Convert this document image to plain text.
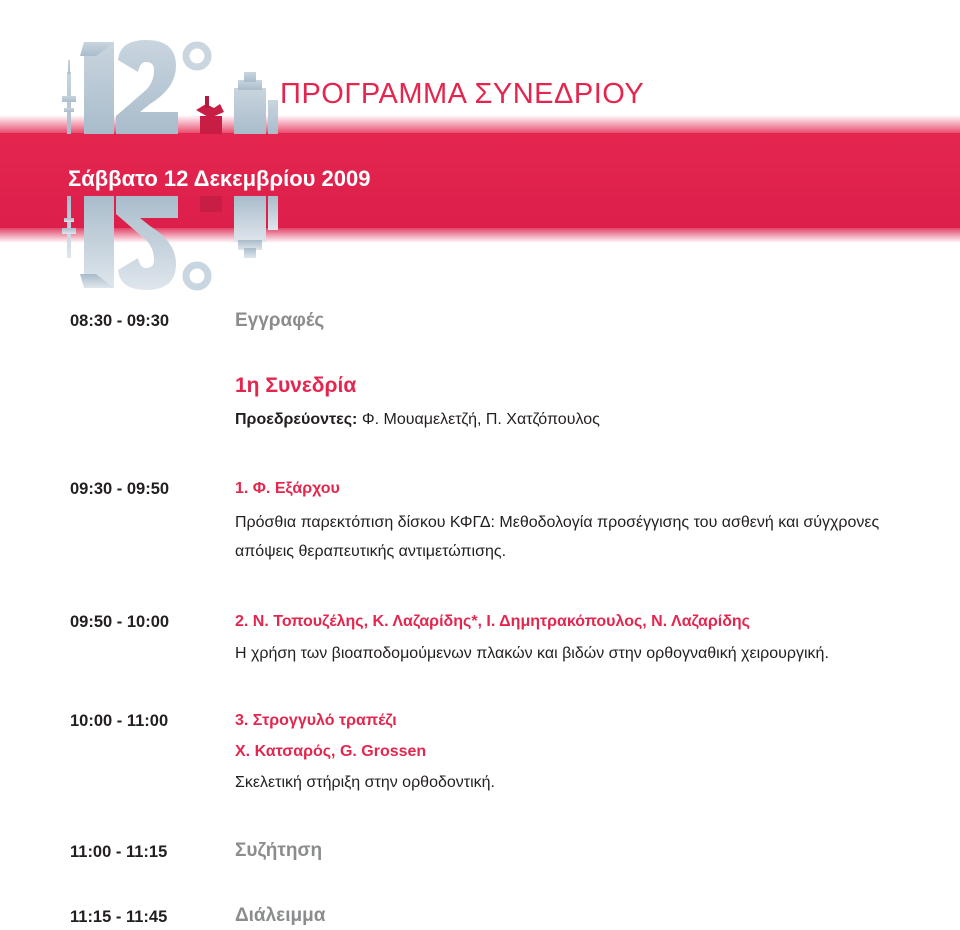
ΠΡΟΓΡΑΜΜΑ ΣΥΝΕΔΡΙΟΥ
Σάββατο 12 Δεκεμβρίου 2009
08:30 - 09:30	Εγγραφές
1η Συνεδρία
Προεδρεύοντες: Φ. Μουαμελετζή, Π. Χατζόπουλος
09:30 - 09:50	1. Φ. Εξάρχου
Πρόσθια παρεκτόπιση δίσκου ΚΦΓΔ: Μεθοδολογία προσέγγισης του ασθενή και σύγχρονες
απόψεις θεραπευτικής αντιμετώπισης.
09:50 - 10:00	2. Ν. Τοπουζέλης, Κ. Λαζαρίδης*, Ι. Δημητρακόπουλος, Ν. Λαζαρίδης
Η χρήση των βιοαποδομούμενων πλακών και βιδών στην ορθογναθική χειρουργική.
10:00 - 11:00	3. Στρογγυλό τραπέζι
Χ. Κατσαρός, G. Grossen
Σκελετική στήριξη στην ορθοδοντική.
11:00 - 11:15	Συζήτηση
11:15 - 11:45	Διάλειμμα
